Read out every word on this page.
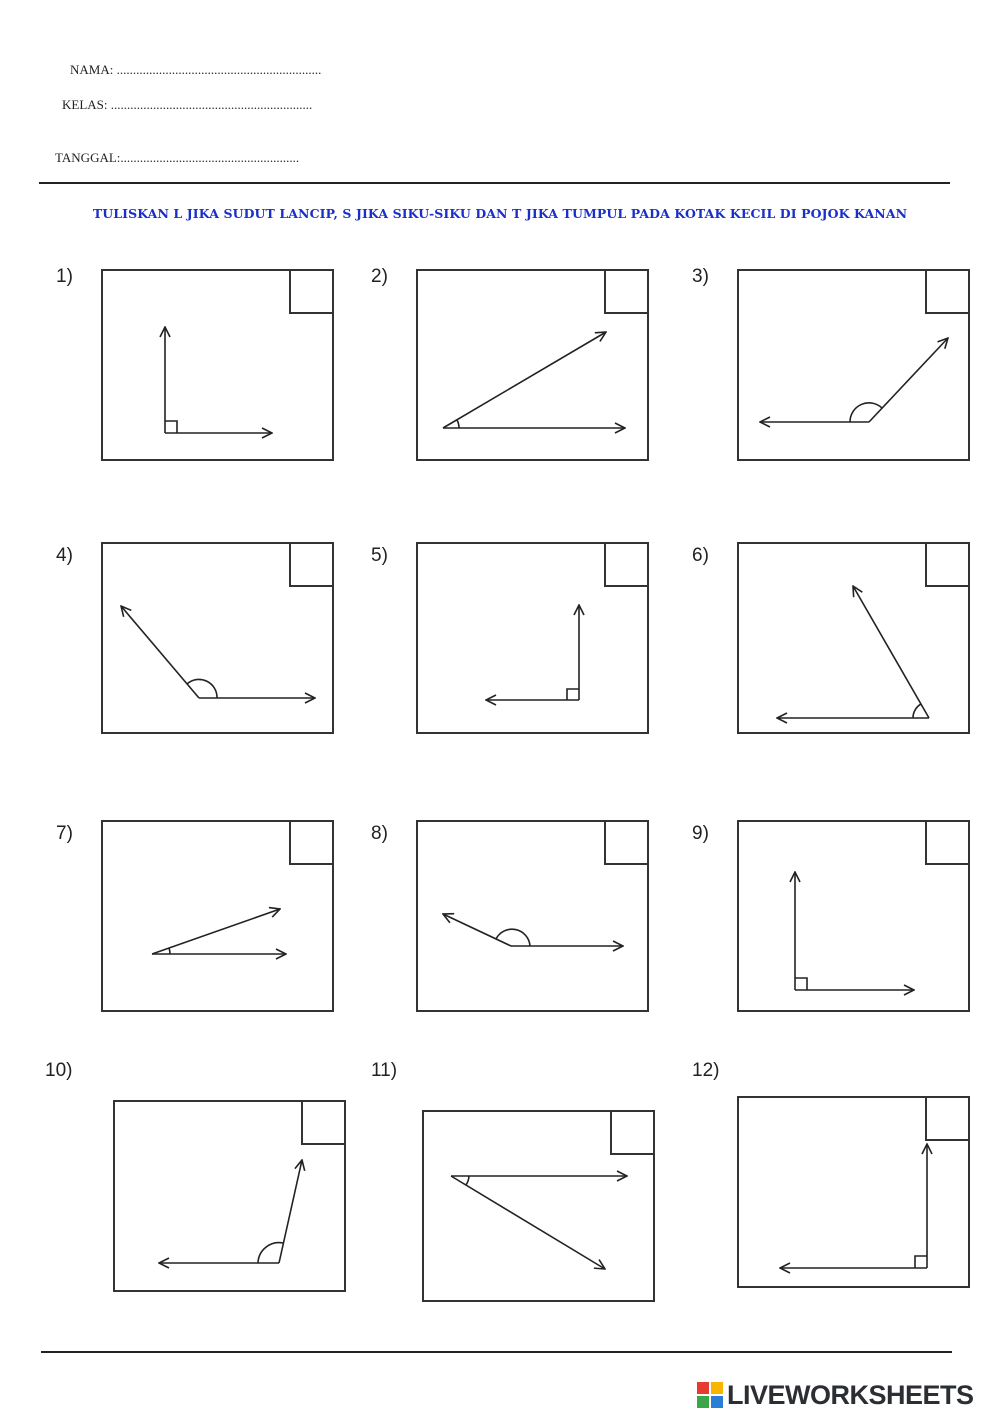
NAMA: ...............................................................
KELAS: ..............................................................
TANGGAL:.......................................................
TULISKAN L JIKA SUDUT LANCIP, S JIKA SIKU-SIKU DAN T JIKA TUMPUL PADA KOTAK KECIL DI POJOK KANAN
1)	2)	3)
4)	5)	6)
7)	8)	9)
10)	11)	12)
LIVEWORKSHEETS
